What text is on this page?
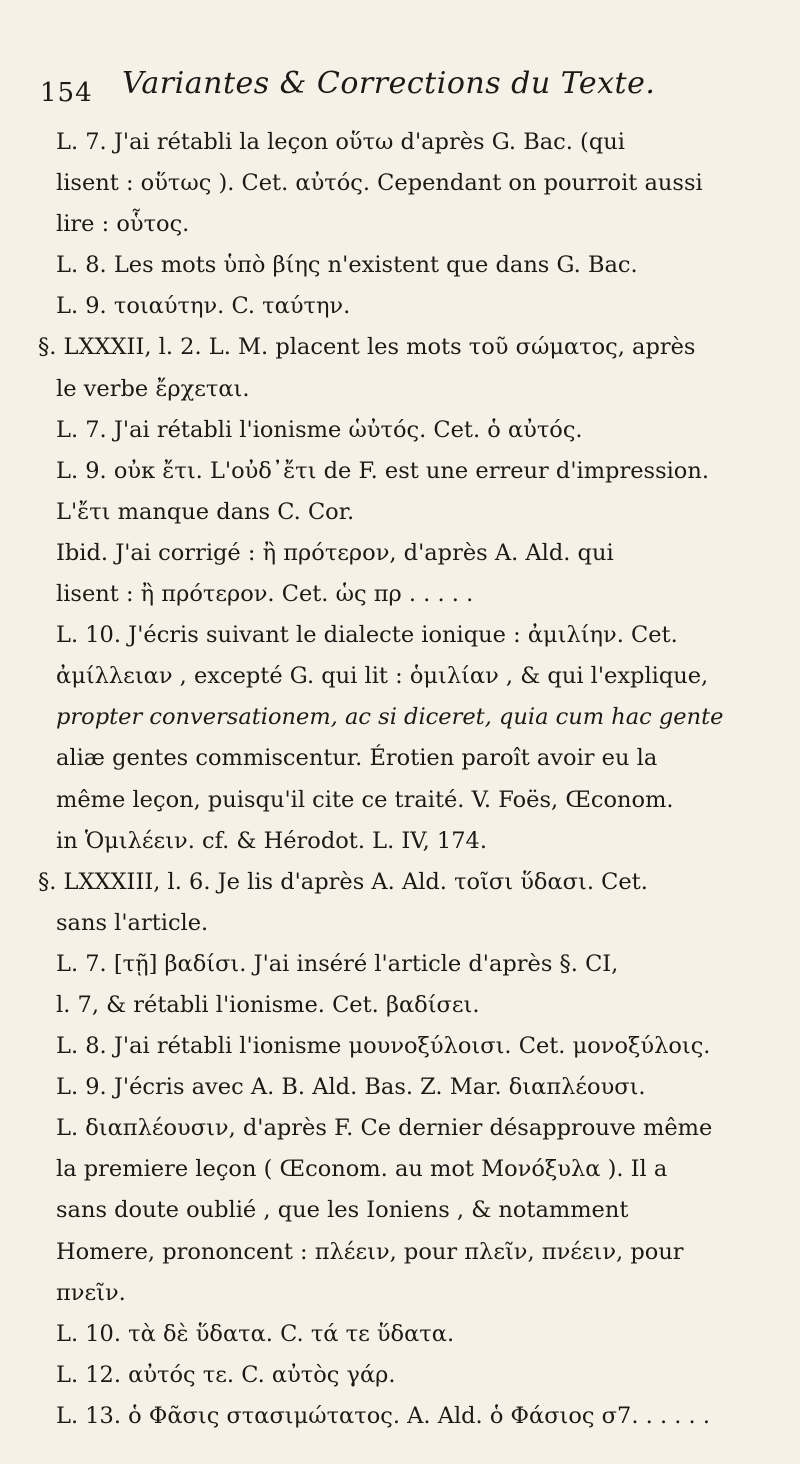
154 Variantes & Corrections du Texte.
L. 7. J'ai rétabli la leçon οὕτω d'après G. Bac. (qui
lisent : οὕτως ). Cet. αὐτός. Cependant on pourroit aussi
lire : οὗτος.
L. 8. Les mots ὑπὸ βίης n'existent que dans G. Bac.
L. 9. τοιαύτην. C. ταύτην.
§. LXXXII, l. 2. L. M. placent les mots τοῦ σώματος, après
le verbe ἔρχεται.
L. 7. J'ai rétabli l'ionisme ὡὐτός. Cet. ὁ αὐτός.
L. 9. οὐκ ἔτι. L'οὐδ᾽ἔτι de F. est une erreur d'impression.
L'ἔτι manque dans C. Cor.
Ibid. J'ai corrigé : ἢ πρότερον, d'après A. Ald. qui
lisent : ἢ πρότερον. Cet. ὡς πρ . . . . .
L. 10. J'écris suivant le dialecte ionique : ἀμιλίην. Cet.
ἀμίλλειαν , excepté G. qui lit : ὁμιλίαν , & qui l'explique,
propter conversationem, ac si diceret, quia cum hac gente
aliæ gentes commiscentur. Érotien paroît avoir eu la
même leçon, puisqu'il cite ce traité. V. Foës, Œconom.
in Ὁμιλέειν. cf. & Hérodot. L. IV, 174.
§. LXXXIII, l. 6. Je lis d'après A. Ald. τοῖσι ὕδασι. Cet.
sans l'article.
L. 7. [τῇ] βαδίσι. J'ai inséré l'article d'après §. CI,
l. 7, & rétabli l'ionisme. Cet. βαδίσει.
L. 8. J'ai rétabli l'ionisme μουνοξύλοισι. Cet. μονοξύλοις.
L. 9. J'écris avec A. B. Ald. Bas. Z. Mar. διαπλέουσι.
L. διαπλέουσιν, d'après F. Ce dernier désapprouve même
la premiere leçon ( Œconom. au mot Μονόξυλα ). Il a
sans doute oublié , que les Ioniens , & notamment
Homere, prononcent : πλέειν, pour πλεῖν, πνέειν, pour
πνεῖν.
L. 10. τὰ δὲ ὕδατα. C. τά τε ὕδατα.
L. 12. αὐτός τε. C. αὐτὸς γάρ.
L. 13. ὁ Φᾶσις στασιμώτατος. A. Ald. ὁ Φάσιος σ7. . . . . .
